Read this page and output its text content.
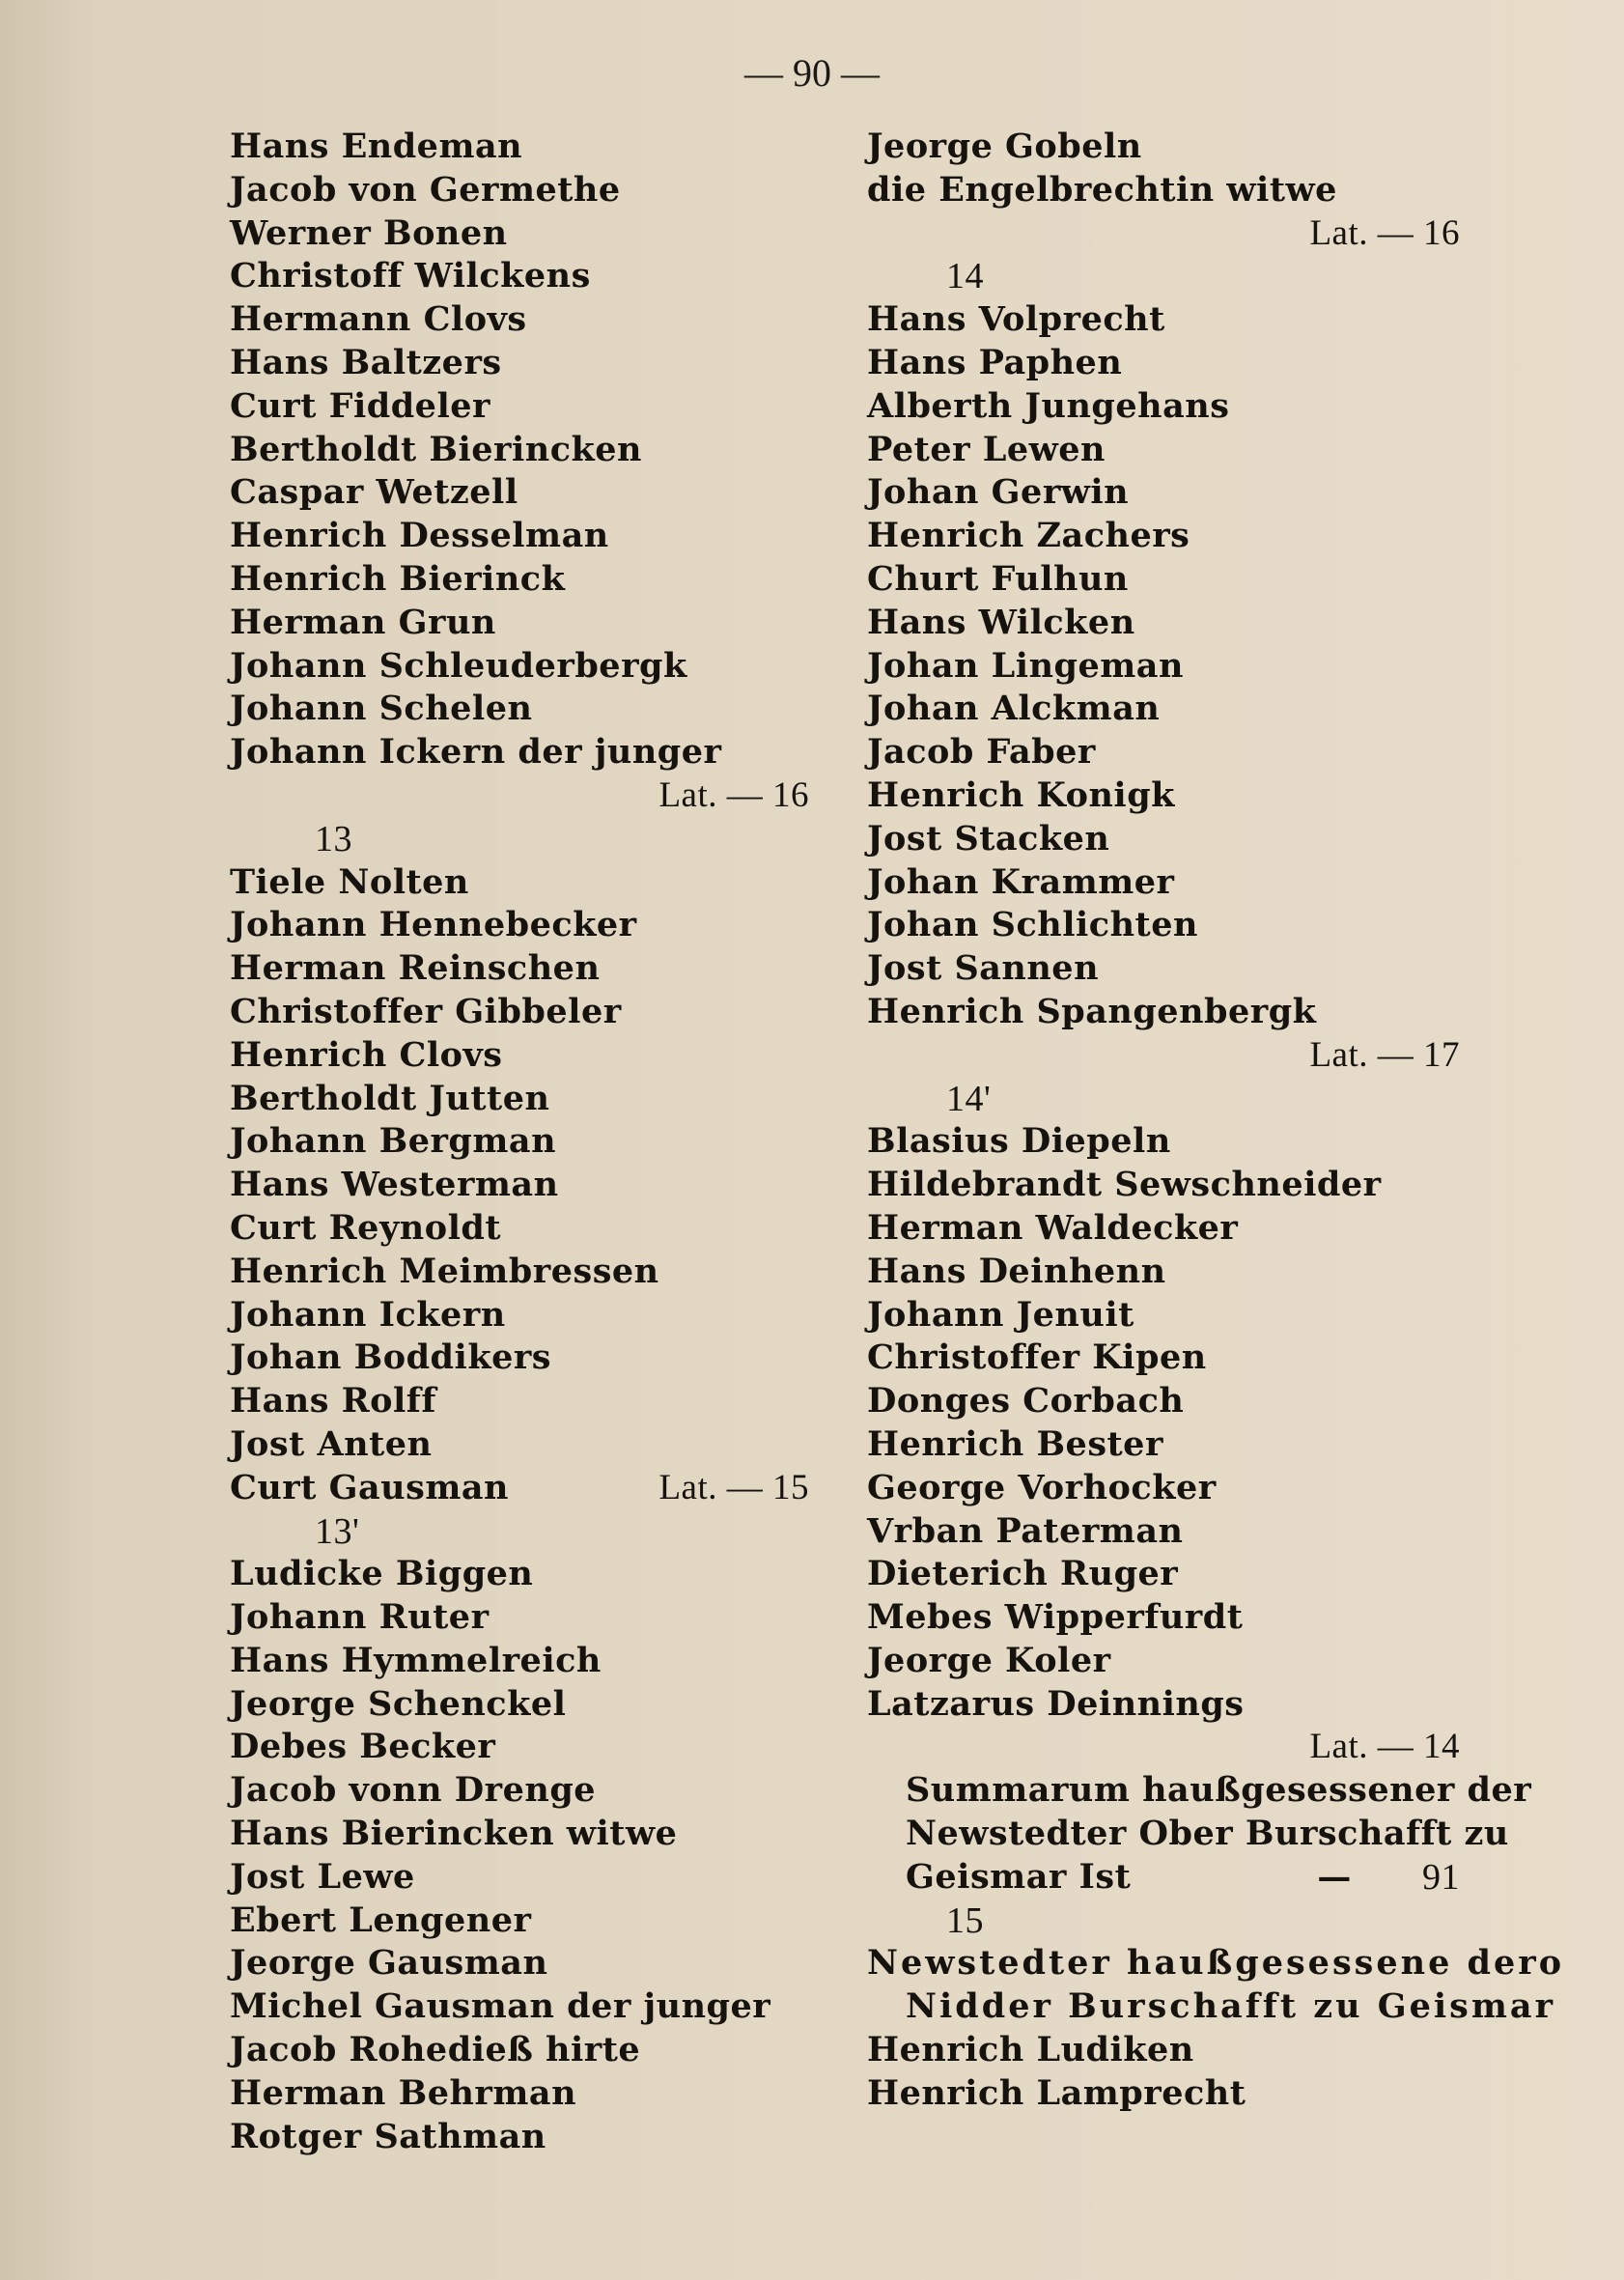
— 90 —
Hans Endeman
Jacob von Germethe
Werner Bonen
Christoff Wilckens
Hermann Clovs
Hans Baltzers
Curt Fiddeler
Bertholdt Bierincken
Caspar Wetzell
Henrich Desselman
Henrich Bierinck
Herman Grun
Johann Schleuderbergk
Johann Schelen
Johann Ickern der junger
Lat. — 16
13
Tiele Nolten
Johann Hennebecker
Herman Reinschen
Christoffer Gibbeler
Henrich Clovs
Bertholdt Jutten
Johann Bergman
Hans Westerman
Curt Reynoldt
Henrich Meimbressen
Johann Ickern
Johan Boddikers
Hans Rolff
Jost Anten
Curt Gausman	Lat. — 15
13'
Ludicke Biggen
Johann Ruter
Hans Hymmelreich
Jeorge Schenckel
Debes Becker
Jacob vonn Drenge
Hans Bierincken witwe
Jost Lewe
Ebert Lengener
Jeorge Gausman
Michel Gausman der junger
Jacob Rohedieß hirte
Herman Behrman
Rotger Sathman
Jeorge Gobeln
die Engelbrechtin witwe
Lat. — 16
14
Hans Volprecht
Hans Paphen
Alberth Jungehans
Peter Lewen
Johan Gerwin
Henrich Zachers
Churt Fulhun
Hans Wilcken
Johan Lingeman
Johan Alckman
Jacob Faber
Henrich Konigk
Jost Stacken
Johan Krammer
Johan Schlichten
Jost Sannen
Henrich Spangenbergk
Lat. — 17
14'
Blasius Diepeln
Hildebrandt Sewschneider
Herman Waldecker
Hans Deinhenn
Johann Jenuit
Christoffer Kipen
Donges Corbach
Henrich Bester
George Vorhocker
Vrban Paterman
Dieterich Ruger
Mebes Wipperfurdt
Jeorge Koler
Latzarus Deinnings
Lat. — 14
Summarum haußgesessener der
Newstedter Ober Burschafft zu
Geismar Ist	— 91
15
Newstedter haußgesessene dero
Nidder Burschafft zu Geismar
Henrich Ludiken
Henrich Lamprecht
